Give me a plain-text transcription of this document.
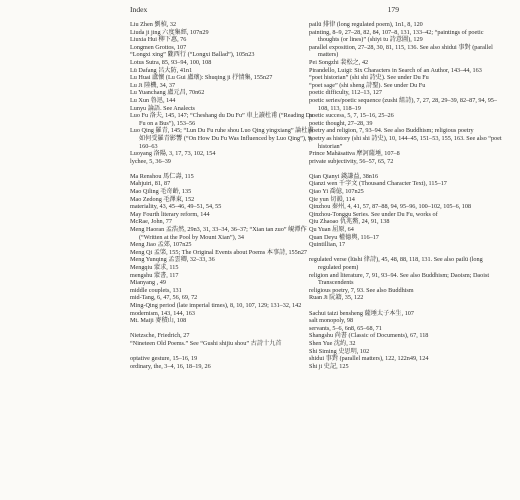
Index	179
Liu Zhen 劉楨, 32
Liuda ji jing 六度集經, 107n29
Liuxia Hui 柳下惠, 76
Longmen Grottos, 107
“Longxi xing” 隴西行 (“Longxi Ballad”), 105n23
Lotus Sutra, 85, 93–94, 100, 108
Lü Dafang 呂大防, 41n1
Lu Huai 盧懷 (Lu Gui 盧瓌): Shuqing ji 抒情集, 155n27
Lu Ji 陸機, 34, 37
Lu Yuanchang 盧元昌, 70n62
Lu Xun 魯迅, 144
Lunyu 論語. See Analects
Luo Fu 洛夫, 145, 147; “Cheshang du Du Fu” 車上讀杜甫 (“Reading Du Fu on a Bus”), 153–56
Luo Qing 羅青, 145; “Lun Du Fu ruhe shou Luo Qing yingxiang” 論杜甫如何受羅青影響 (“On How Du Fu Was Influenced by Luo Qing”), 9, 160–63
Luoyang 洛陽, 3, 17, 73, 102, 154
lychee, 5, 36–39
Ma Renshou 馬仁壽, 115
Mahjuiri, 81, 87
Mao Qiling 毛奇齡, 135
Mao Zedong 毛澤東, 152
materiality, 43, 45–46, 49–51, 54, 55
May Fourth literary reform, 144
McRae, John, 77
Meng Haoran 孟浩然, 29n3, 31, 33–34, 36–37; “Xian tan zuo” 峴潭作 (“Written at the Pool by Mount Xian”), 34
Meng Jiao 孟郊, 107n25
Meng Qi 孟棨, 155; The Original Events about Poems 本事詩, 155n27
Meng Yunqing 孟雲卿, 32–33, 36
Mengqiu 蒙求, 115
mengshu 蒙書, 117
Mianyang , 49
middle couplets, 131
mid-Tang, 6, 47, 56, 69, 72
Ming-Qing period (late imperial times), 8, 10, 107, 129; 131–32, 142
modernism, 143, 144, 163
Mt. Maiji 麥積山, 108
Nietzsche, Friedrich, 27
“Nineteen Old Poems.” See “Gushi shijiu shou” 古詩十九首
optative gesture, 15–16, 19
ordinary, the, 3–4, 16, 18–19, 26
pailü 排律 (long regulated poem), 1n1, 8, 120
painting, 8–9, 27–28, 82, 84, 107–8, 131, 133–42; “paintings of poetic thoughts (or lines)” (shiyi tu 詩意圖), 129
parallel exposition, 27–28, 30, 81, 115, 136. See also shidui 事對 (parallel matters)
Pei Songzhi 裴松之, 42
Pirandello, Luigi: Six Characters in Search of an Author, 143–44, 163
“poet historian” (shi shi 詩史). See under Du Fu
“poet sage” (shi sheng 詩聖). See under Du Fu
poetic difficulty, 112–13, 127
poetic series/poetic sequence (zushi 組詩), 7, 27, 28, 29–39, 82–87, 94, 95–108, 113, 118–19
poetic success, 5, 7, 15–16, 25–26
poetic thought, 27–28, 39
poetry and religion, 7, 93–94. See also Buddhism; religious poetry
poetry as history (shi shi 詩史), 10, 144–45, 151–53, 155, 163. See also “poet historian”
Prince Mahāsattva 摩訶薩埵, 107–8
private subjectivity, 56–57, 65, 72
Qian Qianyi 錢謙益, 38n16
Qianzi wen 千字文 (Thousand Character Text), 115–17
Qiao Yi 喬億, 107n25
Qie yun 切韻, 114
Qinzhou 秦州, 4, 41, 57, 87–88, 94, 95–96, 100–102, 105–6, 108
Qinzhou-Tonggu Series. See under Du Fu, works of
Qiu Zhaoao 仇兆鰲, 24, 91, 138
Qu Yuan 屈原, 64
Quan Deyu 權德輿, 116–17
Quintillian, 17
regulated verse (lüshi 律詩), 45, 48, 88, 118, 131. See also pailü (long regulated poem)
religion and literature, 7, 91, 93–94. See also Buddhism; Daoism; Daoist Transcendents
religious poetry, 7, 93. See also Buddhism
Ruan Ji 阮籍, 35, 122
Sachui taizi bensheng 薩埵太子本生, 107
salt monopoly, 98
servants, 5–6, 6n8, 65–68, 71
Shangshu 尚書 (Classic of Documents), 67, 118
Shen Yue 沈約, 32
Shi Siming 史思明, 102
shidui 事對 (parallel matters), 122, 122n49, 124
Shi ji 史記, 125
